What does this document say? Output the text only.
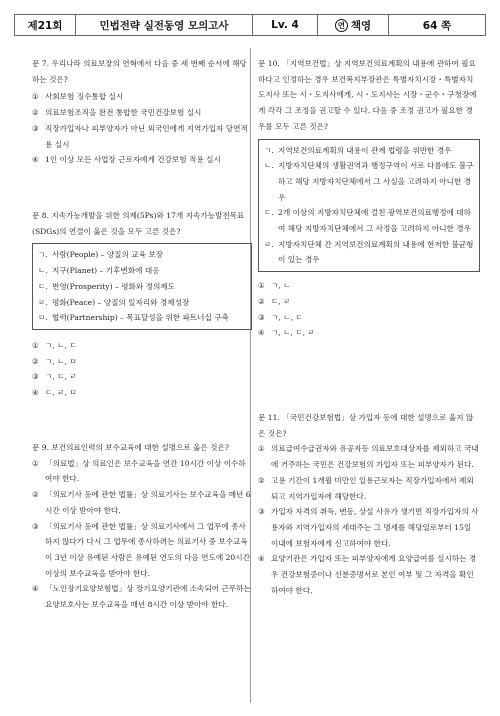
제21회	민법전략 실전동영 모의고사	Lv. 4	연 책영	64 쪽

문 7. 우리나라 의료보장의 연혁에서 다음 중 세 번째 순서에 해당하는 것은?

① 사회보험 징수통합 실시
② 의료보험조직을 완전 통합한 국민건강보험 실시
③ 직장가입자나 피부양자가 아닌 외국인에게 지역가입자 당연적용 실시
④ 1인 이상 모든 사업장 근로자에게 건강보험 적용 실시

문 8. 지속가능개발을 위한 의제(5Ps)와 17개 지속가능발전목표(SDGs)의 연결이 옳은 것을 모두 고른 것은?

ㄱ. 사람(People) – 양질의 교육 보장
ㄴ. 지구(Planet) – 기후변화에 대응
ㄷ. 번영(Prosperity) – 평화와 정의제도
ㄹ. 평화(Peace) – 양질의 일자리와 경제성장
ㅁ. 협력(Partnership) – 목표달성을 위한 파트너십 구축
① ㄱ, ㄴ, ㄷ
② ㄱ, ㄴ, ㅁ
③ ㄱ, ㄷ, ㄹ
④ ㄷ, ㄹ, ㅁ

문 9. 보건의료인력의 보수교육에 대한 설명으로 옳은 것은?

① 「의료법」상 의료인은 보수교육을 연간 10시간 이상 이수하여야 한다.
② 「의료기사 등에 관한 법률」상 의료기사는 보수교육을 매년 6시간 이상 받아야 한다.
③ 「의료기사 등에 관한 법률」상 의료기사에서 그 업무에 종사하지 않다가 다시 그 업무에 종사하려는 의료기사 중 보수교육이 3년 이상 유예된 사람은 유예된 연도의 다음 연도에 20시간 이상의 보수교육을 받아야 한다.
④ 「노인장기요양보험법」상 장기요양기관에 소속되어 근무하는 요양보호사는 보수교육을 매년 8시간 이상 받아야 한다.

문 10. 「지역보건법」상 지역보건의료계획의 내용에 관하여 필요하다고 인정하는 경우 보건복지부장관은 특별자치시장・특별자치도지사 또는 시・도지사에게, 시・도지사는 시장・군수・구청장에게 각각 그 조정을 권고할 수 있다. 다음 중 조정 권고가 필요한 경우를 모두 고른 것은?

ㄱ. 지역보건의료계획의 내용이 관계 법령을 위반한 경우
ㄴ. 지방자치단체의 생활권역과 행정구역이 서로 다름에도 불구하고 해당 지방자치단체에서 그 사실을 고려하지 아니한 경우
ㄷ. 2개 이상의 지방자치단체에 걸친 광역보건의료행정에 대하여 해당 지방자치단체에서 그 사정을 고려하지 아니한 경우
ㄹ. 지방자치단체 간 지역보건의료계획의 내용에 현저한 불균형이 있는 경우
① ㄱ, ㄴ
② ㄷ, ㄹ
③ ㄱ, ㄴ, ㄷ
④ ㄱ, ㄴ, ㄷ, ㄹ

문 11. 「국민건강보험법」상 가입자 등에 대한 설명으로 옳지 않은 것은?

① 의료급여수급권자와 유공자등 의료보호대상자를 제외하고 국내에 거주하는 국민은 건강보험의 가입자 또는 피부양자가 된다.
② 고용 기간이 1개월 미만인 일용근로자는 직장가입자에서 제외되고 지역가입자에 해당한다.
③ 가입자 자격의 취득, 변동, 상실 사유가 생기면 직장가입자의 사용자와 지역가입자의 세대주는 그 명세를 해당일로부터 15일 이내에 보험자에게 신고하여야 한다.
④ 요양기관은 가입자 또는 피부양자에게 요양급여를 실시하는 경우 건강보험증이나 신분증명서로 본인 여부 및 그 자격을 확인하여야 한다.
